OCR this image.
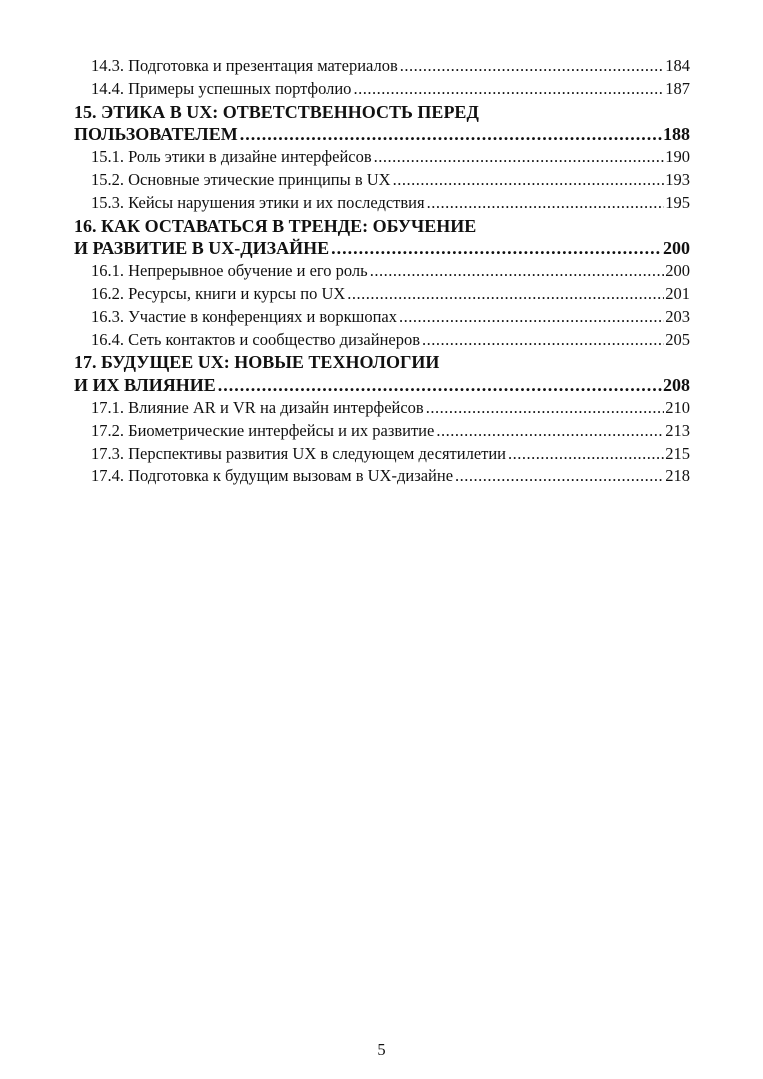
14.3. Подготовка и презентация материалов .....	184
14.4. Примеры успешных портфолио .....	187
15. ЭТИКА В UX: ОТВЕТСТВЕННОСТЬ ПЕРЕД
ПОЛЬЗОВАТЕЛЕМ .....	188
15.1. Роль этики в дизайне интерфейсов .....	190
15.2. Основные этические принципы в UX .....	193
15.3. Кейсы нарушения этики и их последствия .....	195
16. КАК ОСТАВАТЬСЯ В ТРЕНДЕ: ОБУЧЕНИЕ
И РАЗВИТИЕ В UX-ДИЗАЙНЕ .....	200
16.1. Непрерывное обучение и его роль .....	200
16.2. Ресурсы, книги и курсы по UX .....	201
16.3. Участие в конференциях и воркшопах .....	203
16.4. Сеть контактов и сообщество дизайнеров .....	205
17. БУДУЩЕЕ UX: НОВЫЕ ТЕХНОЛОГИИ
И ИХ ВЛИЯНИЕ .....	208
17.1. Влияние AR и VR на дизайн интерфейсов .....	210
17.2. Биометрические интерфейсы и их развитие .....	213
17.3. Перспективы развития UX в следующем десятилетии .....	215
17.4. Подготовка к будущим вызовам в UX-дизайне .....	218
5
